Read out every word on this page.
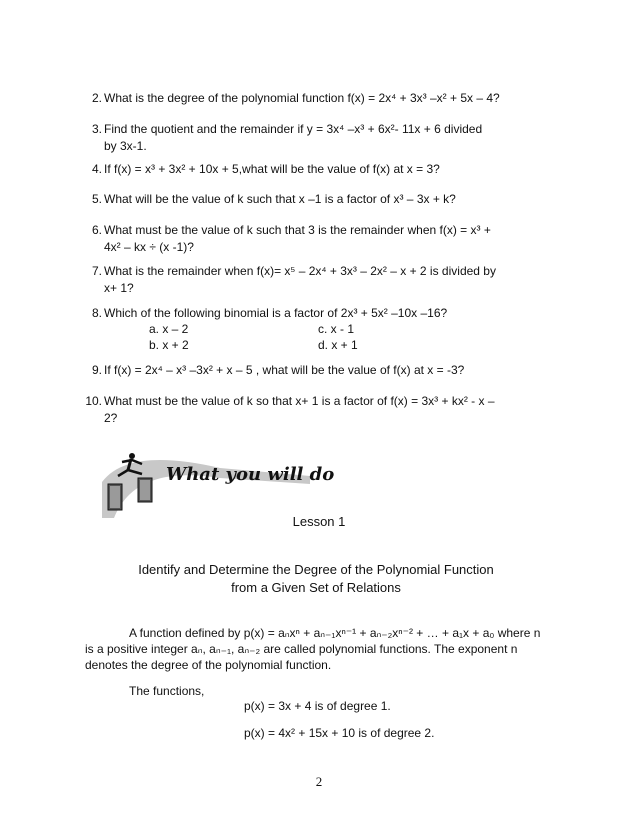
2. What is the degree of the polynomial function f(x) = 2x⁴ + 3x³ –x² + 5x – 4?
3. Find the quotient and the remainder if y = 3x⁴ –x³ + 6x²- 11x + 6 divided
by 3x-1.
4. If f(x) = x³ + 3x² + 10x + 5,what will be the value of f(x) at x = 3?
5. What will be the value of k such that x –1 is a factor of x³ – 3x + k?
6. What must be the value of k such that 3 is the remainder when f(x) = x³ +
4x² – kx ÷ (x -1)?
7. What is the remainder when f(x)= x⁵ – 2x⁴ + 3x³ – 2x² – x + 2 is divided by
x+ 1?
8. Which of the following binomial is a factor of 2x³ + 5x² –10x –16?
a. x – 2	c. x - 1
b. x + 2	d. x + 1
9. If f(x) = 2x⁴ – x³ –3x² + x – 5 , what will be the value of f(x) at x = -3?
10. What must be the value of k so that x+ 1 is a factor of f(x) = 3x³ + kx² - x –
2?
What you will do
Lesson 1
Identify and Determine the Degree of the Polynomial Function
from a Given Set of Relations
A function defined by p(x) = aₙxⁿ + aₙ₋₁xⁿ⁻¹ + aₙ₋₂xⁿ⁻² + … + a₁x + a₀ where n
is a positive integer aₙ, aₙ₋₁, aₙ₋₂ are called polynomial functions. The exponent n
denotes the degree of the polynomial function.
The functions,
p(x) = 3x + 4 is of degree 1.
p(x) = 4x² + 15x + 10 is of degree 2.
2
